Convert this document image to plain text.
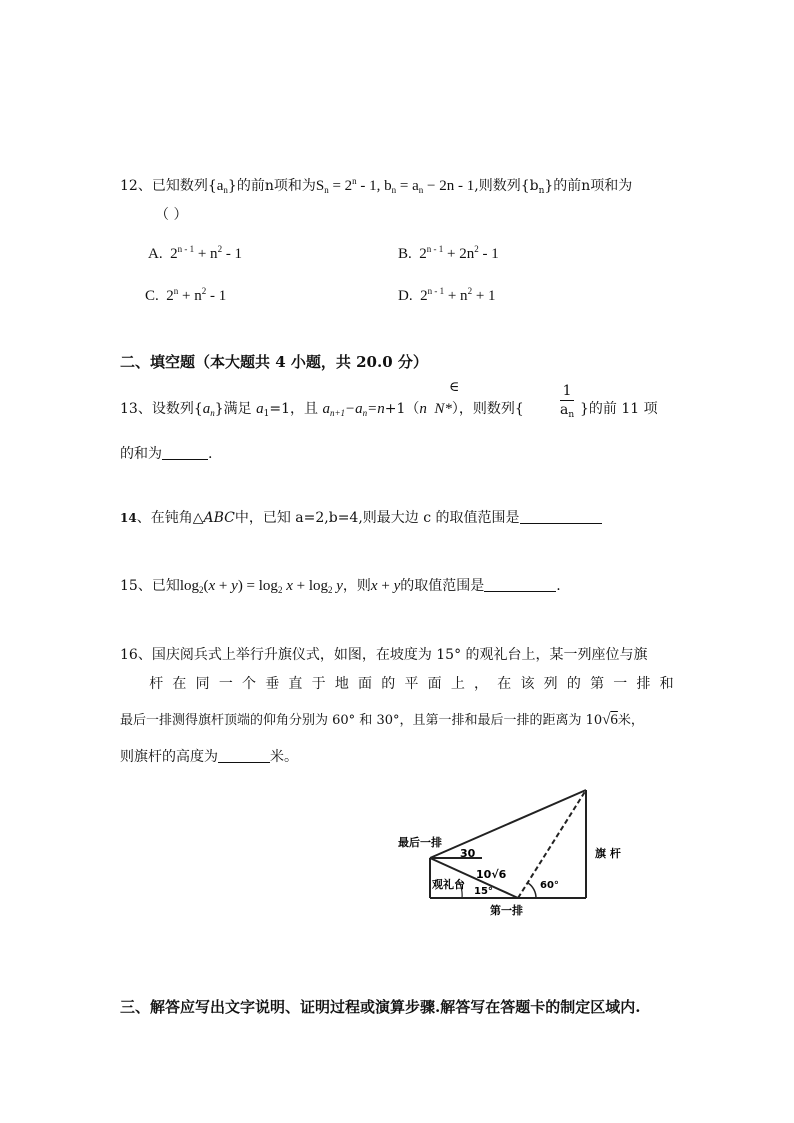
12、已知数列$\{a_n\}$的前n项和为$S_n = 2^n - 1$, $b_n = a_n - 2n - 1$,则数列$\{b_n\}$的前n项和为
（ ）
A.  $2^{n - 1} + n^2 - 1$	B.  $2^{n - 1} + 2n^2 - 1$
C.  $2^n + n^2 - 1$	D.  $2^{n - 1} + n^2 + 1$
二、填空题（本大题共 4 小题，共 20.0 分）
∈
13、设数列$\{a_n\}$满足 $a_1=1$，且 $a_{n+1}-a_n=n+1(n$  N*），则数列{	$\frac{1}{a_n}$ }的前 11 项
的和为	.
14、在钝角△ABC中，已知 a=2,b=4,则最大边 c 的取值范围是
15、已知$\log_2(x + y) = \log_2 x + \log_2 y$，则x + y的取值范围是	.
16、国庆阅兵式上举行升旗仪式，如图，在坡度为 15° 的观礼台上，某一列座位与旗
杆 在 同 一 个 垂 直 于 地 面 的 平 面 上 ， 在 该 列 的 第 一 排 和
最后一排测得旗杆顶端的仰角分别为 60° 和 30°，且第一排和最后一排的距离为 10√6米，
则旗杆的高度为	米。
最后一排
30
10√6
观礼台
15°
60°
旗 杆
第一排
三、解答应写出文字说明、证明过程或演算步骤.解答写在答题卡的制定区域内.
